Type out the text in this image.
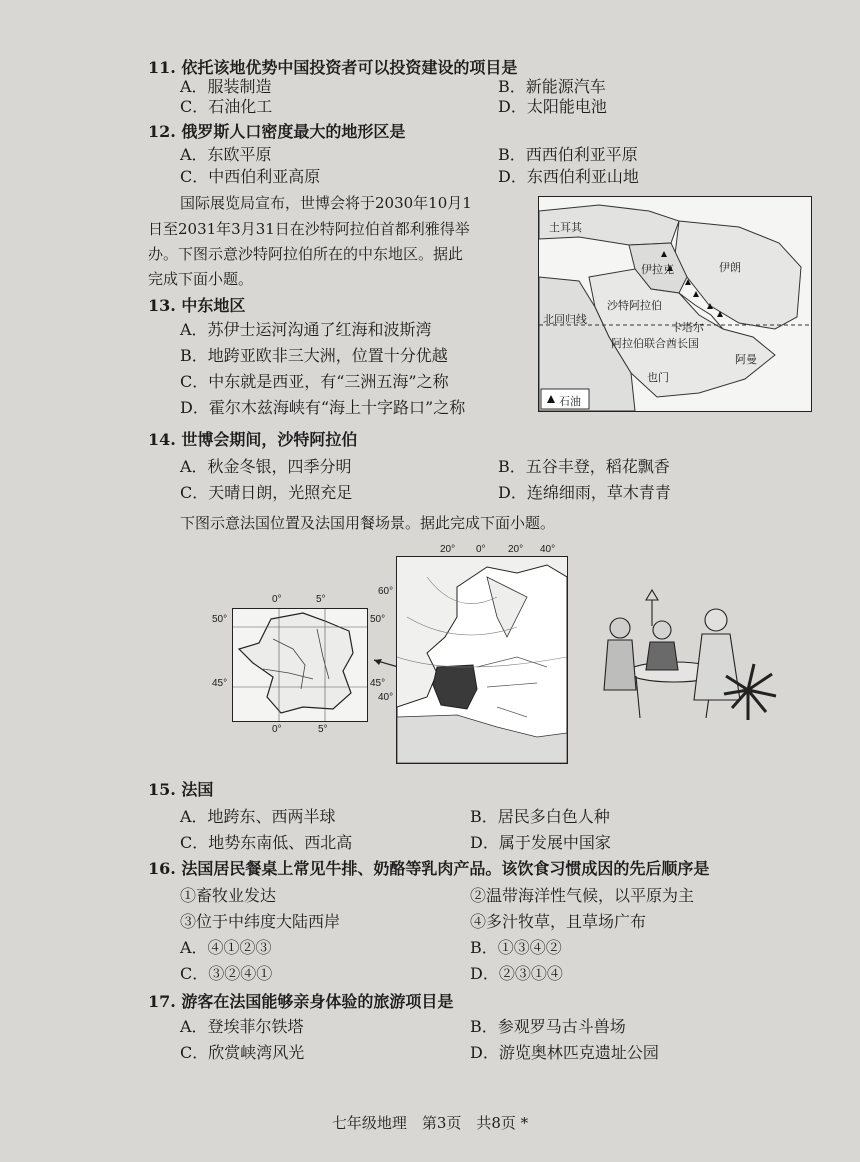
11. 依托该地优势中国投资者可以投资建设的项目是
A．服装制造	B．新能源汽车
C．石油化工	D．太阳能电池
12. 俄罗斯人口密度最大的地形区是
A．东欧平原	B．西西伯利亚平原
C．中西伯利亚高原	D．东西伯利亚山地
国际展览局宣布，世博会将于2030年10月1
日至2031年3月31日在沙特阿拉伯首都利雅得举
办。下图示意沙特阿拉伯所在的中东地区。据此
完成下面小题。
土耳其
伊拉克	伊朗
沙特阿拉伯
卡塔尔
阿拉伯联合酋长国
也门
阿曼
北回归线
石油
13. 中东地区
A．苏伊士运河沟通了红海和波斯湾
B．地跨亚欧非三大洲，位置十分优越
C．中东就是西亚，有“三洲五海”之称
D．霍尔木兹海峡有“海上十字路口”之称
14. 世博会期间，沙特阿拉伯
A．秋金冬银，四季分明	B．五谷丰登，稻花飘香
C．天晴日朗，光照充足	D．连绵细雨，草木青青
下图示意法国位置及法国用餐场景。据此完成下面小题。
0°	5°
50°
45°
50°
45°
0°	5°
20° 0° 20° 40°
60°
40°
15. 法国
A．地跨东、西两半球	B．居民多白色人种
C．地势东南低、西北高	D．属于发展中国家
16. 法国居民餐桌上常见牛排、奶酪等乳肉产品。该饮食习惯成因的先后顺序是
①畜牧业发达	②温带海洋性气候，以平原为主
③位于中纬度大陆西岸	④多汁牧草，且草场广布
A．④①②③	B．①③④②
C．③②④①	D．②③①④
17. 游客在法国能够亲身体验的旅游项目是
A．登埃菲尔铁塔	B．参观罗马古斗兽场
C．欣赏峡湾风光	D．游览奥林匹克遗址公园
七年级地理　第3页　共8页 *
